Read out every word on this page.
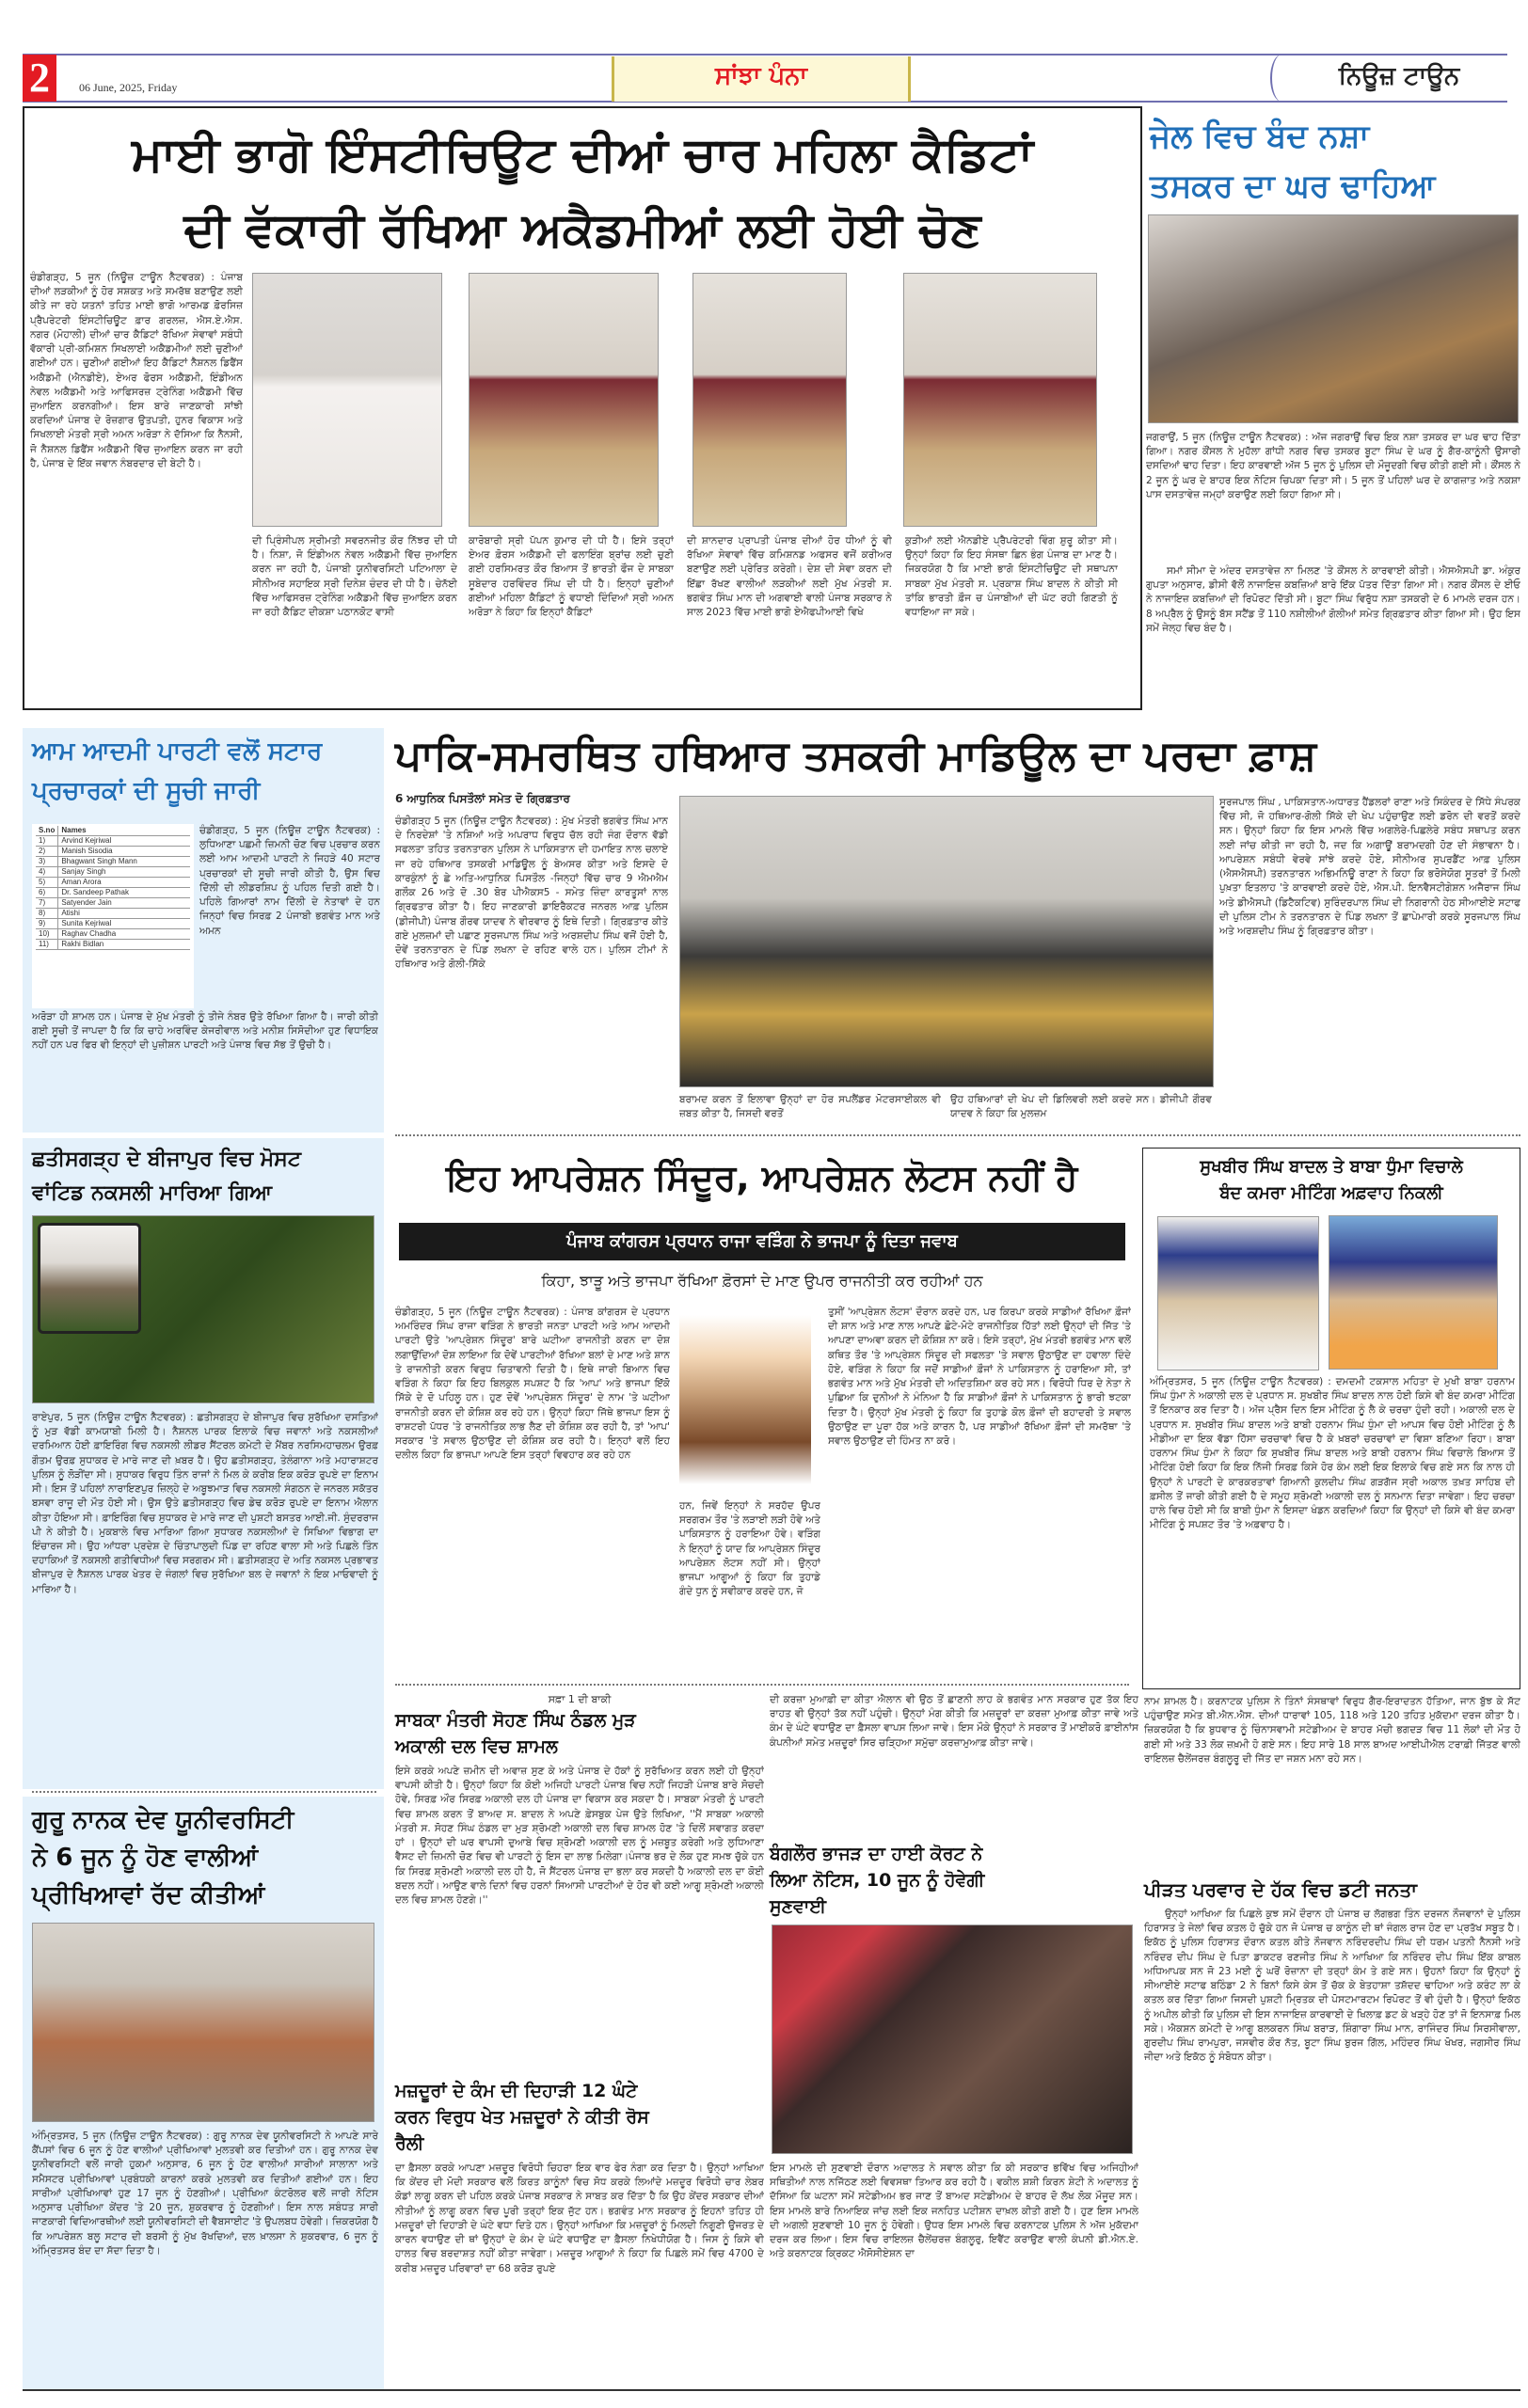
2	06 June, 2025, Friday	ਸਾਂਝਾ ਪੰਨਾ	ਨਿਊਜ਼ ਟਾਊਨ
ਮਾਈ ਭਾਗੋ ਇੰਸਟੀਚਿਊਟ ਦੀਆਂ ਚਾਰ ਮਹਿਲਾ ਕੈਡਿਟਾਂ
ਦੀ ਵੱਕਾਰੀ ਰੱਖਿਆ ਅਕੈਡਮੀਆਂ ਲਈ ਹੋਈ ਚੋਣ
ਚੰਡੀਗੜ੍ਹ, 5 ਜੂਨ (ਨਿਊਜ਼ ਟਾਊਨ ਨੈਟਵਰਕ) : ਪੰਜਾਬ ਦੀਆਂ ਲੜਕੀਆਂ ਨੂੰ ਹੋਰ ਸਸ਼ਕਤ ਅਤੇ ਸਮਰੱਥ ਬਣਾਉਣ ਲਈ ਕੀਤੇ ਜਾ ਰਹੇ ਯਤਨਾਂ ਤਹਿਤ ਮਾਈ ਭਾਗੋ ਆਰਮਡ ਫ਼ੋਰਸਿਜ਼ ਪ੍ਰੈਪਰੇਟਰੀ ਇੰਸਟੀਚਿਊਟ ਫ਼ਾਰ ਗਰਲਜ਼, ਐਸ.ਏ.ਐਸ. ਨਗਰ (ਮੋਹਾਲੀ) ਦੀਆਂ ਚਾਰ ਕੈਡਿਟਾਂ ਰੱਖਿਆ ਸੇਵਾਵਾਂ ਸਬੰਧੀ ਵੱਕਾਰੀ ਪ੍ਰੀ-ਕਮਿਸ਼ਨ ਸਿਖਲਾਈ ਅਕੈਡਮੀਆਂ ਲਈ ਚੁਣੀਆਂ ਗਈਆਂ ਹਨ। ਚੁਣੀਆਂ ਗਈਆਂ ਇਹ ਕੈਡਿਟਾਂ ਨੈਸ਼ਨਲ ਡਿਫੈਂਸ ਅਕੈਡਮੀ (ਐਨਡੀਏ), ਏਅਰ ਫੋਰਸ ਅਕੈਡਮੀ, ਇੰਡੀਅਨ ਨੇਵਲ ਅਕੈਡਮੀ ਅਤੇ ਆਫਿਸਰਜ਼ ਟ੍ਰੇਨਿੰਗ ਅਕੈਡਮੀ ਵਿੱਚ ਜੁਆਇਨ ਕਰਨਗੀਆਂ। ਇਸ ਬਾਰੇ ਜਾਣਕਾਰੀ ਸਾਂਝੀ ਕਰਦਿਆਂ ਪੰਜਾਬ ਦੇ ਰੋਜ਼ਗਾਰ ਉਤਪਤੀ, ਹੁਨਰ ਵਿਕਾਸ ਅਤੇ ਸਿਖਲਾਈ ਮੰਤਰੀ ਸ੍ਰੀ ਅਮਨ ਅਰੋੜਾ ਨੇ ਦੱਸਿਆ ਕਿ ਨੈਨਸੀ, ਜੋ ਨੈਸ਼ਨਲ ਡਿਫੈਂਸ ਅਕੈਡਮੀ ਵਿੱਚ ਜੁਆਇਨ ਕਰਨ ਜਾ ਰਹੀ ਹੈ, ਪੰਜਾਬ ਦੇ ਇੱਕ ਜਵਾਨ ਨੰਬਰਦਾਰ ਦੀ ਬੇਟੀ ਹੈ।
ਦੀ ਪ੍ਰਿੰਸੀਪਲ ਸ੍ਰੀਮਤੀ ਸਵਰਨਜੀਤ ਕੌਰ ਨਿੱਝਰ ਦੀ ਧੀ ਹੈ। ਨਿਸ਼ਾ, ਜੋ ਇੰਡੀਅਨ ਨੇਵਲ ਅਕੈਡਮੀ ਵਿੱਚ ਜੁਆਇਨ ਕਰਨ ਜਾ ਰਹੀ ਹੈ, ਪੰਜਾਬੀ ਯੂਨੀਵਰਸਿਟੀ ਪਟਿਆਲਾ ਦੇ ਸੀਨੀਅਰ ਸਹਾਇਕ ਸ੍ਰੀ ਦਿਨੇਸ਼ ਚੰਦਰ ਦੀ ਧੀ ਹੈ। ਚੇਨੱਈ ਵਿੱਚ ਆਫਿਸਰਜ਼ ਟ੍ਰੇਨਿੰਗ ਅਕੈਡਮੀ ਵਿੱਚ ਜੁਆਇਨ ਕਰਨ ਜਾ ਰਹੀ ਕੈਡਿਟ ਦੀਕਸ਼ਾ ਪਠਾਨਕੋਟ ਵਾਸੀ
ਕਾਰੋਬਾਰੀ ਸ੍ਰੀ ਪੱਪਨ ਕੁਮਾਰ ਦੀ ਧੀ ਹੈ। ਇਸੇ ਤਰ੍ਹਾਂ ਏਅਰ ਫ਼ੋਰਸ ਅਕੈਡਮੀ ਦੀ ਫਲਾਇੰਗ ਬ੍ਰਾਂਚ ਲਈ ਚੁਣੀ ਗਈ ਹਰਸਿਮਰਤ ਕੌਰ ਬਿਆਸ ਤੋਂ ਭਾਰਤੀ ਫੌਜ ਦੇ ਸਾਬਕਾ ਸੂਬੇਦਾਰ ਹਰਵਿੰਦਰ ਸਿੰਘ ਦੀ ਧੀ ਹੈ। ਇਨ੍ਹਾਂ ਚੁਣੀਆਂ ਗਈਆਂ ਮਹਿਲਾ ਕੈਡਿਟਾਂ ਨੂੰ ਵਧਾਈ ਦਿੰਦਿਆਂ ਸ੍ਰੀ ਅਮਨ ਅਰੋੜਾ ਨੇ ਕਿਹਾ ਕਿ ਇਨ੍ਹਾਂ ਕੈਡਿਟਾਂ
ਦੀ ਸ਼ਾਨਦਾਰ ਪ੍ਰਾਪਤੀ ਪੰਜਾਬ ਦੀਆਂ ਹੋਰ ਧੀਆਂ ਨੂੰ ਵੀ ਰੱਖਿਆ ਸੇਵਾਵਾਂ ਵਿੱਚ ਕਮਿਸ਼ਨਡ ਅਫਸਰ ਵਜੋਂ ਕਰੀਅਰ ਬਣਾਉਣ ਲਈ ਪ੍ਰੇਰਿਤ ਕਰੇਗੀ। ਦੇਸ਼ ਦੀ ਸੇਵਾ ਕਰਨ ਦੀ ਇੱਛਾ ਰੱਖਣ ਵਾਲੀਆਂ ਲੜਕੀਆਂ ਲਈ ਮੁੱਖ ਮੰਤਰੀ ਸ. ਭਗਵੰਤ ਸਿੰਘ ਮਾਨ ਦੀ ਅਗਵਾਈ ਵਾਲੀ ਪੰਜਾਬ ਸਰਕਾਰ ਨੇ ਸਾਲ 2023 ਵਿੱਚ ਮਾਈ ਭਾਗੋ ਏਐਫਪੀਆਈ ਵਿਖੇ
ਕੁੜੀਆਂ ਲਈ ਐਨਡੀਏ ਪ੍ਰੈਪਰੇਟਰੀ ਵਿੰਗ ਸ਼ੁਰੂ ਕੀਤਾ ਸੀ। ਉਨ੍ਹਾਂ ਕਿਹਾ ਕਿ ਇਹ ਸੰਸਥਾ ਛਿਨ ਭੰਗ ਪੰਜਾਬ ਦਾ ਮਾਣ ਹੈ। ਜਿਕਰਯੋਗ ਹੈ ਕਿ ਮਾਈ ਭਾਗੋ ਇੰਸਟੀਚਿਊਟ ਦੀ ਸਥਾਪਨਾ ਸਾਬਕਾ ਮੁੱਖ ਮੰਤਰੀ ਸ. ਪ੍ਰਕਾਸ਼ ਸਿੰਘ ਬਾਦਲ ਨੇ ਕੀਤੀ ਸੀ ਤਾਂਕਿ ਭਾਰਤੀ ਫ਼ੌਜ ਚ ਪੰਜਾਬੀਆਂ ਦੀ ਘੱਟ ਰਹੀ ਗਿਣਤੀ ਨੂੰ ਵਧਾਇਆ ਜਾ ਸਕੇ।
ਜੇਲ ਵਿਚ ਬੰਦ ਨਸ਼ਾ
ਤਸਕਰ ਦਾ ਘਰ ਢਾਹਿਆ
ਜਗਰਾਉਂ, 5 ਜੂਨ (ਨਿਊਜ਼ ਟਾਊਨ ਨੈਟਵਰਕ) : ਅੱਜ ਜਗਰਾਉਂ ਵਿਚ ਇਕ ਨਸ਼ਾ ਤਸਕਰ ਦਾ ਘਰ ਢਾਹ ਦਿੱਤਾ ਗਿਆ। ਨਗਰ ਕੌਂਸਲ ਨੇ ਮੁਹੱਲਾ ਗਾਂਧੀ ਨਗਰ ਵਿਚ ਤਸਕਰ ਬੂਟਾ ਸਿੰਘ ਦੇ ਘਰ ਨੂੰ ਗੈਰ-ਕਾਨੂੰਨੀ ਉਸਾਰੀ ਦਸਦਿਆਂ ਢਾਹ ਦਿਤਾ। ਇਹ ਕਾਰਵਾਈ ਅੱਜ 5 ਜੂਨ ਨੂੰ ਪੁਲਿਸ ਦੀ ਮੌਜੂਦਗੀ ਵਿਚ ਕੀਤੀ ਗਈ ਸੀ। ਕੌਂਸਲ ਨੇ 2 ਜੂਨ ਨੂੰ ਘਰ ਦੇ ਬਾਹਰ ਇਕ ਨੋਟਿਸ ਚਿਪਕਾ ਦਿਤਾ ਸੀ। 5 ਜੂਨ ਤੋਂ ਪਹਿਲਾਂ ਘਰ ਦੇ ਕਾਗਜ਼ਾਤ ਅਤੇ ਨਕਸ਼ਾ ਪਾਸ ਦਸਤਾਵੇਜ਼ ਜਮ੍ਹਾਂ ਕਰਾਉਣ ਲਈ ਕਿਹਾ ਗਿਆ ਸੀ।
ਸਮਾਂ ਸੀਮਾ ਦੇ ਅੰਦਰ ਦਸਤਾਵੇਜ਼ ਨਾ ਮਿਲਣ 'ਤੇ ਕੌਂਸਲ ਨੇ ਕਾਰਵਾਈ ਕੀਤੀ। ਐਸਐਸਪੀ ਡਾ. ਅੰਕੁਰ ਗੁਪਤਾ ਅਨੁਸਾਰ, ਡੀਸੀ ਵੱਲੋਂ ਨਾਜਾਇਜ਼ ਕਬਜ਼ਿਆਂ ਬਾਰੇ ਇੱਕ ਪੱਤਰ ਦਿੱਤਾ ਗਿਆ ਸੀ। ਨਗਰ ਕੌਂਸਲ ਦੇ ਈਓ ਨੇ ਨਾਜਾਇਜ਼ ਕਬਜ਼ਿਆਂ ਦੀ ਰਿਪੋਰਟ ਦਿੱਤੀ ਸੀ। ਬੂਟਾ ਸਿੰਘ ਵਿਰੁੱਧ ਨਸ਼ਾ ਤਸਕਰੀ ਦੇ 6 ਮਾਮਲੇ ਦਰਜ ਹਨ। 8 ਅਪ੍ਰੈਲ ਨੂੰ ਉਸਨੂੰ ਬੱਸ ਸਟੈਂਡ ਤੋਂ 110 ਨਸ਼ੀਲੀਆਂ ਗੋਲੀਆਂ ਸਮੇਤ ਗ੍ਰਿਫ਼ਤਾਰ ਕੀਤਾ ਗਿਆ ਸੀ। ਉਹ ਇਸ ਸਮੇਂ ਜੇਲ੍ਹ ਵਿਚ ਬੰਦ ਹੈ।
ਆਮ ਆਦਮੀ ਪਾਰਟੀ ਵਲੋਂ ਸਟਾਰ
ਪ੍ਰਚਾਰਕਾਂ ਦੀ ਸੂਚੀ ਜਾਰੀ
S.no	Names
1)	Arvind Kejriwal
2)	Manish Sisodia
3)	Bhagwant Singh Mann
4)	Sanjay Singh
5)	Aman Arora
6)	Dr. Sandeep Pathak
7)	Satyender Jain
8)	Atishi
9)	Sunita Kejriwal
10)	Raghav Chadha
11)	Rakhi Bidlan
ਚੰਡੀਗੜ੍ਹ, 5 ਜੂਨ (ਨਿਊਜ਼ ਟਾਊਨ ਨੈਟਵਰਕ) : ਲੁਧਿਆਣਾ ਪਛਮੀ ਜ਼ਿਮਨੀ ਚੋਣ ਵਿਚ ਪ੍ਰਚਾਰ ਕਰਨ ਲਈ ਆਮ ਆਦਮੀ ਪਾਰਟੀ ਨੇ ਜਿਹੜੇ 40 ਸਟਾਰ ਪ੍ਰਚਾਰਕਾਂ ਦੀ ਸੂਚੀ ਜਾਰੀ ਕੀਤੀ ਹੈ, ਉਸ ਵਿਚ ਦਿੱਲੀ ਦੀ ਲੀਡਰਸ਼ਿਪ ਨੂੰ ਪਹਿਲ ਦਿਤੀ ਗਈ ਹੈ। ਪਹਿਲੇ ਗਿਆਰਾਂ ਨਾਮ ਦਿੱਲੀ ਦੇ ਨੇਤਾਵਾਂ ਦੇ ਹਨ ਜਿਨ੍ਹਾਂ ਵਿਚ ਸਿਰਫ਼ 2 ਪੰਜਾਬੀ ਭਗਵੰਤ ਮਾਨ ਅਤੇ ਅਮਨ
ਅਰੋੜਾ ਹੀ ਸ਼ਾਮਲ ਹਨ। ਪੰਜਾਬ ਦੇ ਮੁੱਖ ਮੰਤਰੀ ਨੂੰ ਤੀਜੇ ਨੰਬਰ ਉਤੇ ਰੱਖਿਆ ਗਿਆ ਹੈ। ਜਾਰੀ ਕੀਤੀ ਗਈ ਸੂਚੀ ਤੋਂ ਜਾਪਦਾ ਹੈ ਕਿ ਕਿ ਚਾਹੇ ਅਰਵਿੰਦ ਕੇਜਰੀਵਾਲ ਅਤੇ ਮਨੀਸ਼ ਸਿਸੋਦੀਆ ਹੁਣ ਵਿਧਾਇਕ ਨਹੀਂ ਹਨ ਪਰ ਫਿਰ ਵੀ ਇਨ੍ਹਾਂ ਦੀ ਪੁਜ਼ੀਸ਼ਨ ਪਾਰਟੀ ਅਤੇ ਪੰਜਾਬ ਵਿਚ ਸੱਭ ਤੋਂ ਉਚੀ ਹੈ।
ਪਾਕਿ-ਸਮਰਥਿਤ ਹਥਿਆਰ ਤਸਕਰੀ ਮਾਡਿਊਲ ਦਾ ਪਰਦਾ ਫ਼ਾਸ਼
6 ਆਧੁਨਿਕ ਪਿਸਤੌਲਾਂ ਸਮੇਤ ਦੋ ਗ੍ਰਿਫ਼ਤਾਰ
ਚੰਡੀਗੜ੍ਹ 5 ਜੂਨ (ਨਿਊਜ਼ ਟਾਊਨ ਨੈਟਵਰਕ) : ਮੁੱਖ ਮੰਤਰੀ ਭਗਵੰਤ ਸਿੰਘ ਮਾਨ ਦੇ ਨਿਰਦੇਸ਼ਾਂ 'ਤੇ ਨਸ਼ਿਆਂ ਅਤੇ ਅਪਰਾਧ ਵਿਰੁਧ ਚੱਲ ਰਹੀ ਜੰਗ ਦੌਰਾਨ ਵੱਡੀ ਸਫਲਤਾ ਤਹਿਤ ਤਰਨਤਾਰਨ ਪੁਲਿਸ ਨੇ ਪਾਕਿਸਤਾਨ ਦੀ ਹਮਾਇਤ ਨਾਲ ਚਲਾਏ ਜਾ ਰਹੇ ਹਥਿਆਰ ਤਸਕਰੀ ਮਾਡਿਊਲ ਨੂੰ ਬੇਅਸਰ ਕੀਤਾ ਅਤੇ ਇਸਦੇ ਦੋ ਕਾਰਕੁੰਨਾਂ ਨੂੰ ਛੇ ਅਤਿ-ਆਧੁਨਿਕ ਪਿਸਤੌਲ -ਜਿਨ੍ਹਾਂ ਵਿੱਚ ਚਾਰ 9 ਐਮਐਮ ਗਲੌਕ 26 ਅਤੇ ਦੋ .30 ਬੋਰ ਪੀਐਕਸ5 - ਸਮੇਤ ਜ਼ਿੰਦਾ ਕਾਰਤੂਸਾਂ ਨਾਲ ਗ੍ਰਿਫਤਾਰ ਕੀਤਾ ਹੈ। ਇਹ ਜਾਣਕਾਰੀ ਡਾਇਰੈਕਟਰ ਜਨਰਲ ਆਫ਼ ਪੁਲਿਸ (ਡੀਜੀਪੀ) ਪੰਜਾਬ ਗੌਰਵ ਯਾਦਵ ਨੇ ਵੀਰਵਾਰ ਨੂੰ ਇਥੇ ਦਿਤੀ। ਗ੍ਰਿਫ਼ਤਾਰ ਕੀਤੇ ਗਏ ਮੁਲਜ਼ਮਾਂ ਦੀ ਪਛਾਣ ਸੂਰਜਪਾਲ ਸਿੰਘ ਅਤੇ ਅਰਸ਼ਦੀਪ ਸਿੰਘ ਵਜੋਂ ਹੋਈ ਹੈ, ਦੋਵੇਂ ਤਰਨਤਾਰਨ ਦੇ ਪਿੰਡ ਲਖਨਾ ਦੇ ਰਹਿਣ ਵਾਲੇ ਹਨ। ਪੁਲਿਸ ਟੀਮਾਂ ਨੇ ਹਥਿਆਰ ਅਤੇ ਗੋਲੀ-ਸਿੱਕੇ
ਬਰਾਮਦ ਕਰਨ ਤੋਂ ਇਲਾਵਾ ਉਨ੍ਹਾਂ ਦਾ ਹੋਰ ਸਪਲੈਂਡਰ ਮੋਟਰਸਾਈਕਲ ਵੀ ਜ਼ਬਤ ਕੀਤਾ ਹੈ, ਜਿਸਦੀ ਵਰਤੋਂ
ਉਹ ਹਥਿਆਰਾਂ ਦੀ ਖੇਪ ਦੀ ਡਿਲਿਵਰੀ ਲਈ ਕਰਦੇ ਸਨ। ਡੀਜੀਪੀ ਗੌਰਵ ਯਾਦਵ ਨੇ ਕਿਹਾ ਕਿ ਮੁਲਜ਼ਮ
ਸੂਰਜਪਾਲ ਸਿੰਘ , ਪਾਕਿਸਤਾਨ-ਅਧਾਰਤ ਹੈਂਡਲਰਾਂ ਰਾਣਾ ਅਤੇ ਸਿਕੰਦਰ ਦੇ ਸਿੱਧੇ ਸੰਪਰਕ ਵਿੱਚ ਸੀ, ਜੋ ਹਥਿਆਰ-ਗੋਲੀ ਸਿੱਕੇ ਦੀ ਖੇਪ ਪਹੁੰਚਾਉਣ ਲਈ ਡਰੋਨ ਦੀ ਵਰਤੋਂ ਕਰਦੇ ਸਨ। ਉਨ੍ਹਾਂ ਕਿਹਾ ਕਿ ਇਸ ਮਾਮਲੇ ਵਿੱਚ ਅਗਲੇਰੇ-ਪਿਛਲੇਰੇ ਸਬੰਧ ਸਥਾਪਤ ਕਰਨ ਲਈ ਜਾਂਚ ਕੀਤੀ ਜਾ ਰਹੀ ਹੈ, ਜਦ ਕਿ ਅਗਾਊਂ ਬਰਾਮਦਗੀ ਹੋਣ ਦੀ ਸੰਭਾਵਨਾ ਹੈ। ਆਪਰੇਸ਼ਨ ਸਬੰਧੀ ਵੇਰਵੇ ਸਾਂਝੇ ਕਰਦੇ ਹੋਏ, ਸੀਨੀਅਰ ਸੁਪਰਡੈਂਟ ਆਫ਼ ਪੁਲਿਸ (ਐਸਐਸਪੀ) ਤਰਨਤਾਰਨ ਅਭਿਮਨਿਊ ਰਾਣਾ ਨੇ ਕਿਹਾ ਕਿ ਭਰੋਸੇਯੋਗ ਸੂਤਰਾਂ ਤੋਂ ਮਿਲੀ ਪੁਖ਼ਤਾ ਇਤਲਾਹ 'ਤੇ ਕਾਰਵਾਈ ਕਰਦੇ ਹੋਏ, ਐਸ.ਪੀ. ਇਨਵੈਸਟੀਗੇਸ਼ਨ ਅਜੈਰਾਜ ਸਿੰਘ ਅਤੇ ਡੀਐਸਪੀ (ਡਿਟੈਕਟਿਵ) ਸੁਰਿੰਦਰਪਾਲ ਸਿੰਘ ਦੀ ਨਿਗਰਾਨੀ ਹੇਠ ਸੀਆਈਏ ਸਟਾਫ ਦੀ ਪੁਲਿਸ ਟੀਮ ਨੇ ਤਰਨਤਾਰਨ ਦੇ ਪਿੰਡ ਲਖਨਾ ਤੋਂ ਛਾਪੇਮਾਰੀ ਕਰਕੇ ਸੂਰਜਪਾਲ ਸਿੰਘ ਅਤੇ ਅਰਸ਼ਦੀਪ ਸਿੰਘ ਨੂੰ ਗ੍ਰਿਫ਼ਤਾਰ ਕੀਤਾ।
ਛਤੀਸਗੜ੍ਹ ਦੇ ਬੀਜਾਪੁਰ ਵਿਚ ਮੋਸਟ
ਵਾਂਟਿਡ ਨਕਸਲੀ ਮਾਰਿਆ ਗਿਆ
ਰਾਏਪੁਰ, 5 ਜੂਨ (ਨਿਊਜ਼ ਟਾਊਨ ਨੈਟਵਰਕ) : ਛਤੀਸਗੜ੍ਹ ਦੇ ਬੀਜਾਪੁਰ ਵਿਚ ਸੁਰੱਖਿਆ ਦਸਤਿਆਂ ਨੂੰ ਮੁੜ ਵੱਡੀ ਕਾਮਯਾਬੀ ਮਿਲੀ ਹੈ। ਨੈਸ਼ਨਲ ਪਾਰਕ ਇਲਾਕੇ ਵਿਚ ਜਵਾਨਾਂ ਅਤੇ ਨਕਸਲੀਆਂ ਦਰਮਿਆਨ ਹੋਈ ਫ਼ਾਇਰਿੰਗ ਵਿਚ ਨਕਸਲੀ ਲੀਡਰ ਸੈਂਟਰਲ ਕਮੇਟੀ ਦੇ ਮੈਂਬਰ ਨਰਸਿਮਹਾਚਲਮ ਉਰਫ਼ ਗੌਤਮ ਉਰਫ਼ ਸੁਧਾਕਰ ਦੇ ਮਾਰੇ ਜਾਣ ਦੀ ਖ਼ਬਰ ਹੈ। ਉਹ ਛਤੀਸਗੜ੍ਹ, ਤੇਲੰਗਾਨਾ ਅਤੇ ਮਹਾਰਾਸ਼ਟਰ ਪੁਲਿਸ ਨੂੰ ਲੋੜੀਂਦਾ ਸੀ। ਸੁਧਾਕਰ ਵਿਰੁਧ ਤਿੰਨ ਰਾਜਾਂ ਨੇ ਮਿਲ ਕੇ ਕਰੀਬ ਇਕ ਕਰੋੜ ਰੁਪਏ ਦਾ ਇਨਾਮ ਸੀ। ਇਸ ਤੋਂ ਪਹਿਲਾਂ ਨਾਰਾਇਣਪੁਰ ਜ਼ਿਲ੍ਹੇ ਦੇ ਅਬੂਝਮਾੜ ਵਿਚ ਨਕਸਲੀ ਸੰਗਠਨ ਦੇ ਜਨਰਲ ਸਕੱਤਰ ਬਸਵਾ ਰਾਜੂ ਦੀ ਮੌਤ ਹੋਈ ਸੀ। ਉਸ ਉਤੇ ਛਤੀਸਗੜ੍ਹ ਵਿਚ ਡੇਢ ਕਰੋੜ ਰੁਪਏ ਦਾ ਇਨਾਮ ਐਲਾਨ ਕੀਤਾ ਹੋਇਆ ਸੀ। ਫ਼ਾਇਰਿੰਗ ਵਿਚ ਸੁਧਾਕਰ ਦੇ ਮਾਰੇ ਜਾਣ ਦੀ ਪੁਸ਼ਟੀ ਬਸਤਰ ਆਈ.ਜੀ. ਸੁੰਦਰਰਾਜ ਪੀ ਨੇ ਕੀਤੀ ਹੈ। ਮੁਕਬਾਲੇ ਵਿਚ ਮਾਰਿਆ ਗਿਆ ਸੁਧਾਕਰ ਨਕਸਲੀਆਂ ਦੇ ਸਿਖਿਆ ਵਿਭਾਗ ਦਾ ਇੰਚਾਰਜ ਸੀ। ਉਹ ਆਂਧਰਾ ਪ੍ਰਦੇਸ਼ ਦੇ ਚਿੰਤਾਪਾਲੁਦੀ ਪਿੰਡ ਦਾ ਰਹਿਣ ਵਾਲਾ ਸੀ ਅਤੇ ਪਿਛਲੇ ਤਿੰਨ ਦਹਾਕਿਆਂ ਤੋਂ ਨਕਸਲੀ ਗਤੀਵਿਧੀਆਂ ਵਿਚ ਸਰਗਰਮ ਸੀ। ਛਤੀਸਗੜ੍ਹ ਦੇ ਅਤਿ ਨਕਸਲ ਪ੍ਰਭਾਵਤ ਬੀਜਾਪੁਰ ਦੇ ਨੈਸ਼ਨਲ ਪਾਰਕ ਖੇਤਰ ਦੇ ਜੰਗਲਾਂ ਵਿਚ ਸੁਰੱਖਿਆ ਬਲ ਦੇ ਜਵਾਨਾਂ ਨੇ ਇਕ ਮਾਓਵਾਦੀ ਨੂੰ ਮਾਰਿਆ ਹੈ।
ਗੁਰੂ ਨਾਨਕ ਦੇਵ ਯੂਨੀਵਰਸਿਟੀ
ਨੇ 6 ਜੂਨ ਨੂੰ ਹੋਣ ਵਾਲੀਆਂ
ਪ੍ਰੀਖਿਆਵਾਂ ਰੱਦ ਕੀਤੀਆਂ
ਅੰਮ੍ਰਿਤਸਰ, 5 ਜੂਨ (ਨਿਊਜ਼ ਟਾਊਨ ਨੈਟਵਰਕ) : ਗੁਰੂ ਨਾਨਕ ਦੇਵ ਯੂਨੀਵਰਸਿਟੀ ਨੇ ਆਪਣੇ ਸਾਰੇ ਕੈਂਪਸਾਂ ਵਿਚ 6 ਜੂਨ ਨੂੰ ਹੋਣ ਵਾਲੀਆਂ ਪ੍ਰੀਖਿਆਵਾਂ ਮੁਲਤਵੀ ਕਰ ਦਿਤੀਆਂ ਹਨ। ਗੁਰੂ ਨਾਨਕ ਦੇਵ ਯੂਨੀਵਰਸਿਟੀ ਵਲੋਂ ਜਾਰੀ ਹੁਕਮਾਂ ਅਨੁਸਾਰ, 6 ਜੂਨ ਨੂੰ ਹੋਣ ਵਾਲੀਆਂ ਸਾਰੀਆਂ ਸਾਲਾਨਾ ਅਤੇ ਸਮੈਸਟਰ ਪ੍ਰੀਖਿਆਵਾਂ ਪ੍ਰਬੰਧਕੀ ਕਾਰਨਾਂ ਕਰਕੇ ਮੁਲਤਵੀ ਕਰ ਦਿਤੀਆਂ ਗਈਆਂ ਹਨ। ਇਹ ਸਾਰੀਆਂ ਪ੍ਰੀਖਿਆਵਾਂ ਹੁਣ 17 ਜੂਨ ਨੂੰ ਹੋਣਗੀਆਂ। ਪ੍ਰੀਖਿਆ ਕੰਟਰੋਲਰ ਵਲੋਂ ਜਾਰੀ ਨੋਟਿਸ ਅਨੁਸਾਰ ਪ੍ਰੀਖਿਆ ਕੇਂਦਰ 'ਤੇ 20 ਜੂਨ, ਸ਼ੁਕਰਵਾਰ ਨੂੰ ਹੋਣਗੀਆਂ। ਇਸ ਨਾਲ ਸਬੰਧਤ ਸਾਰੀ ਜਾਣਕਾਰੀ ਵਿਦਿਆਰਥੀਆਂ ਲਈ ਯੂਨੀਵਰਸਿਟੀ ਦੀ ਵੈਬਸਾਈਟ 'ਤੇ ਉਪਲਬਧ ਹੋਵੇਗੀ। ਜ਼ਿਕਰਯੋਗ ਹੈ ਕਿ ਆਪਰੇਸ਼ਨ ਬਲੂ ਸਟਾਰ ਦੀ ਬਰਸੀ ਨੂੰ ਮੁੱਖ ਰੱਖਦਿਆਂ, ਦਲ ਖ਼ਾਲਸਾ ਨੇ ਸ਼ੁਕਰਵਾਰ, 6 ਜੂਨ ਨੂੰ ਅੰਮ੍ਰਿਤਸਰ ਬੰਦ ਦਾ ਸੱਦਾ ਦਿਤਾ ਹੈ।
ਇਹ ਆਪਰੇਸ਼ਨ ਸਿੰਦੂਰ, ਆਪਰੇਸ਼ਨ ਲੋਟਸ ਨਹੀਂ ਹੈ
ਪੰਜਾਬ ਕਾਂਗਰਸ ਪ੍ਰਧਾਨ ਰਾਜਾ ਵੜਿੰਗ ਨੇ ਭਾਜਪਾ ਨੂੰ ਦਿਤਾ ਜਵਾਬ
ਕਿਹਾ, ਝਾੜੂ ਅਤੇ ਭਾਜਪਾ ਰੱਖਿਆ ਫ਼ੋਰਸਾਂ ਦੇ ਮਾਣ ਉਪਰ ਰਾਜਨੀਤੀ ਕਰ ਰਹੀਆਂ ਹਨ
ਚੰਡੀਗੜ੍ਹ, 5 ਜੂਨ (ਨਿਊਜ਼ ਟਾਊਨ ਨੈਟਵਰਕ) : ਪੰਜਾਬ ਕਾਂਗਰਸ ਦੇ ਪ੍ਰਧਾਨ ਅਮਰਿੰਦਰ ਸਿੰਘ ਰਾਜਾ ਵੜਿੰਗ ਨੇ ਭਾਰਤੀ ਜਨਤਾ ਪਾਰਟੀ ਅਤੇ ਆਮ ਆਦਮੀ ਪਾਰਟੀ ਉਤੇ 'ਆਪ੍ਰੇਸ਼ਨ ਸਿੰਦੂਰ' ਬਾਰੇ ਘਟੀਆ ਰਾਜਨੀਤੀ ਕਰਨ ਦਾ ਦੋਸ਼ ਲਗਾਉਂਦਿਆਂ ਦੋਸ਼ ਲਾਇਆ ਕਿ ਦੋਵੇਂ ਪਾਰਟੀਆਂ ਰੱਖਿਆ ਬਲਾਂ ਦੇ ਮਾਣ ਅਤੇ ਸ਼ਾਨ ਤੇ ਰਾਜਨੀਤੀ ਕਰਨ ਵਿਰੁਧ ਚਿਤਾਵਨੀ ਦਿਤੀ ਹੈ। ਇਥੇ ਜਾਰੀ ਬਿਆਨ ਵਿਚ ਵੜਿੰਗ ਨੇ ਕਿਹਾ ਕਿ ਇਹ ਬਿਲਕੁਲ ਸਪਸ਼ਟ ਹੈ ਕਿ 'ਆਪ' ਅਤੇ ਭਾਜਪਾ ਇੱਕੋ ਸਿੱਕੇ ਦੇ ਦੋ ਪਹਿਲੂ ਹਨ। ਹੁਣ ਦੋਵੇਂ 'ਆਪ੍ਰੇਸ਼ਨ ਸਿੰਦੂਰ' ਦੇ ਨਾਮ 'ਤੇ ਘਟੀਆ ਰਾਜਨੀਤੀ ਕਰਨ ਦੀ ਕੋਸ਼ਿਸ਼ ਕਰ ਰਹੇ ਹਨ। ਉਨ੍ਹਾਂ ਕਿਹਾ ਜਿੱਥੇ ਭਾਜਪਾ ਇਸ ਨੂੰ ਰਾਸ਼ਟਰੀ ਪੱਧਰ 'ਤੇ ਰਾਜਨੀਤਿਕ ਲਾਭ ਲੈਣ ਦੀ ਕੋਸ਼ਿਸ਼ ਕਰ ਰਹੀ ਹੈ, ਤਾਂ 'ਆਪ' ਸਰਕਾਰ 'ਤੇ ਸਵਾਲ ਉਠਾਉਣ ਦੀ ਕੋਸ਼ਿਸ਼ ਕਰ ਰਹੀ ਹੈ। ਇਨ੍ਹਾਂ ਵਲੋਂ ਇਹ ਦਲੀਲ ਕਿਹਾ ਕਿ ਭਾਜਪਾ ਆਪਣੇ ਇਸ ਤਰ੍ਹਾਂ ਵਿਵਹਾਰ ਕਰ ਰਹੇ ਹਨ
ਹਨ, ਜਿਵੇਂ ਇਨ੍ਹਾਂ ਨੇ ਸਰਹੱਦ ਉਪਰ ਸਰਗਰਮ ਤੌਰ 'ਤੇ ਲੜਾਈ ਲੜੀ ਹੋਵੇ ਅਤੇ ਪਾਕਿਸਤਾਨ ਨੂੰ ਹਰਾਇਆ ਹੋਵੇ। ਵੜਿੰਗ ਨੇ ਇਨ੍ਹਾਂ ਨੂੰ ਯਾਦ ਕਿ ਆਪ੍ਰੇਸ਼ਨ ਸਿੰਦੂਰ ਆਪਰੇਸ਼ਨ ਲੋਟਸ ਨਹੀਂ ਸੀ। ਉਨ੍ਹਾਂ ਭਾਜਪਾ ਆਗੂਆਂ ਨੂੰ ਕਿਹਾ ਕਿ ਤੁਹਾਡੇ ਗੰਦੇ ਧੁਨ ਨੂੰ ਸਵੀਕਾਰ ਕਰਦੇ ਹਨ, ਜੋ
ਤੁਸੀਂ 'ਆਪ੍ਰੇਸ਼ਨ ਲੋਟਸ' ਦੌਰਾਨ ਕਰਦੇ ਹਨ, ਪਰ ਕਿਰਪਾ ਕਰਕੇ ਸਾਡੀਆਂ ਰੱਖਿਆ ਫ਼ੌਜਾਂ ਦੀ ਸ਼ਾਨ ਅਤੇ ਮਾਣ ਨਾਲ ਆਪਣੇ ਛੋਟੇ-ਮੋਟੇ ਰਾਜਨੀਤਿਕ ਹਿੱਤਾਂ ਲਈ ਉਨ੍ਹਾਂ ਦੀ ਜਿੱਤ 'ਤੇ ਆਪਣਾ ਦਾਅਵਾ ਕਰਨ ਦੀ ਕੋਸ਼ਿਸ਼ ਨਾ ਕਰੋ। ਇਸੇ ਤਰ੍ਹਾਂ, ਮੁੱਖ ਮੰਤਰੀ ਭਗਵੰਤ ਮਾਨ ਵਲੋਂ ਕਥਿਤ ਤੌਰ 'ਤੇ ਆਪ੍ਰੇਸ਼ਨ ਸਿੰਦੂਰ ਦੀ ਸਫਲਤਾ 'ਤੇ ਸਵਾਲ ਉਠਾਉਣ ਦਾ ਹਵਾਲਾ ਦਿੰਦੇ ਹੋਏ, ਵੜਿੰਗ ਨੇ ਕਿਹਾ ਕਿ ਜਦੋਂ ਸਾਡੀਆਂ ਫ਼ੌਜਾਂ ਨੇ ਪਾਕਿਸਤਾਨ ਨੂੰ ਹਰਾਇਆ ਸੀ, ਤਾਂ ਭਗਵੰਤ ਮਾਨ ਅਤੇ ਮੁੱਖ ਮੰਤਰੀ ਦੀ ਅਦਿਤਸ਼ਿਮਾ ਕਰ ਰਹੇ ਸਨ। ਵਿਰੋਧੀ ਧਿਰ ਦੇ ਨੇਤਾ ਨੇ ਪੁਛਿਆ ਕਿ ਦੁਨੀਆਂ ਨੇ ਮੰਨਿਆ ਹੈ ਕਿ ਸਾਡੀਆਂ ਫ਼ੌਜਾਂ ਨੇ ਪਾਕਿਸਤਾਨ ਨੂੰ ਭਾਰੀ ਝਟਕਾ ਦਿਤਾ ਹੈ। ਉਨ੍ਹਾਂ ਮੁੱਖ ਮੰਤਰੀ ਨੂੰ ਕਿਹਾ ਕਿ ਤੁਹਾਡੇ ਕੋਲ ਫ਼ੌਜਾਂ ਦੀ ਬਹਾਦਰੀ ਤੇ ਸਵਾਲ ਉਠਾਉਣ ਦਾ ਪੂਰਾ ਹੱਕ ਅਤੇ ਕਾਰਨ ਹੈ, ਪਰ ਸਾਡੀਆਂ ਰੱਖਿਆ ਫ਼ੌਜਾਂ ਦੀ ਸਮਰੱਥਾ 'ਤੇ ਸਵਾਲ ਉਠਾਉਣ ਦੀ ਹਿੰਮਤ ਨਾ ਕਰੋ।
ਸੁਖਬੀਰ ਸਿੰਘ ਬਾਦਲ ਤੇ ਬਾਬਾ ਧੁੰਮਾ ਵਿਚਾਲੇ
ਬੰਦ ਕਮਰਾ ਮੀਟਿੰਗ ਅਫ਼ਵਾਹ ਨਿਕਲੀ
ਅੰਮ੍ਰਿਤਸਰ, 5 ਜੂਨ (ਨਿਊਜ਼ ਟਾਊਨ ਨੈਟਵਰਕ) : ਦਮਦਮੀ ਟਕਸਾਲ ਮਹਿਤਾ ਦੇ ਮੁਖੀ ਬਾਬਾ ਹਰਨਾਮ ਸਿੰਘ ਧੁੰਮਾ ਨੇ ਅਕਾਲੀ ਦਲ ਦੇ ਪ੍ਰਧਾਨ ਸ. ਸੁਖਬੀਰ ਸਿੰਘ ਬਾਦਲ ਨਾਲ ਹੋਈ ਕਿਸੇ ਵੀ ਬੰਦ ਕਮਰਾ ਮੀਟਿੰਗ ਤੋਂ ਇਨਕਾਰ ਕਰ ਦਿਤਾ ਹੈ। ਅੱਜ ਪ੍ਰੈਸ ਦਿਨ ਇਸ ਮੀਟਿੰਗ ਨੂੰ ਲੈ ਕੇ ਚਰਚਾ ਹੁੰਦੀ ਰਹੀ। ਅਕਾਲੀ ਦਲ ਦੇ ਪ੍ਰਧਾਨ ਸ. ਸੁਖਬੀਰ ਸਿੰਘ ਬਾਦਲ ਅਤੇ ਬਾਬੀ ਹਰਨਾਮ ਸਿੰਘ ਧੁੰਮਾ ਦੀ ਆਪਸ ਵਿਚ ਹੋਈ ਮੀਟਿੰਗ ਨੂੰ ਲੈ ਮੀਡੀਆ ਦਾ ਇਕ ਵੱਡਾ ਹਿੱਸਾ ਚਰਚਾਵਾਂ ਵਿਚ ਹੈ ਕੇ ਖ਼ਬਰਾਂ ਚਰਚਾਵਾਂ ਦਾ ਵਿਸ਼ਾ ਬਣਿਆ ਰਿਹਾ। ਬਾਬਾ ਹਰਨਾਮ ਸਿੰਘ ਧੁੰਮਾ ਨੇ ਕਿਹਾ ਕਿ ਸੁਖਬੀਰ ਸਿੰਘ ਬਾਦਲ ਅਤੇ ਬਾਬੀ ਹਰਨਾਮ ਸਿੰਘ ਵਿਚਾਲੇ ਬਿਆਸ ਤੋਂ ਮੀਟਿੰਗ ਹੋਈ ਕਿਹਾ ਕਿ ਇਕ ਨਿੱਜੀ ਸਿਰਫ਼ ਕਿਸੇ ਹੋਰ ਕੰਮ ਲਈ ਇਕ ਇਲਾਕੇ ਵਿਚ ਗਏ ਸਨ ਕਿ ਨਾਲ ਹੀ ਉਨ੍ਹਾਂ ਨੇ ਪਾਰਟੀ ਦੇ ਕਾਰਕਰਤਾਵਾਂ ਗਿਆਨੀ ਕੁਲਦੀਪ ਸਿੰਘ ਗੜਗੱਜ ਸ੍ਰੀ ਅਕਾਲ ਤਖ਼ਤ ਸਾਹਿਬ ਦੀ ਫ਼ਸੀਲ ਤੋਂ ਜਾਰੀ ਕੀਤੀ ਗਈ ਹੈ ਦੇ ਸਮੂਹ ਸ਼੍ਰੋਮਣੀ ਅਕਾਲੀ ਦਲ ਨੂੰ ਸਨਮਾਨ ਦਿਤਾ ਜਾਵੇਗਾ। ਇਹ ਚਰਚਾ ਹਾਲੇ ਵਿਚ ਹੋਈ ਸੀ ਕਿ ਬਾਬੀ ਧੁੰਮਾ ਨੇ ਇਸਦਾ ਖੰਡਨ ਕਰਦਿਆਂ ਕਿਹਾ ਕਿ ਉਨ੍ਹਾਂ ਦੀ ਕਿਸੇ ਵੀ ਬੰਦ ਕਮਰਾ ਮੀਟਿੰਗ ਨੂੰ ਸਪਸ਼ਟ ਤੌਰ 'ਤੇ ਅਫ਼ਵਾਹ ਹੈ।
ਨਾਮ ਸ਼ਾਮਲ ਹੈ। ਕਰਨਾਟਕ ਪੁਲਿਸ ਨੇ ਤਿੰਨਾਂ ਸੰਸਥਾਵਾਂ ਵਿਰੁਧ ਗੈਰ-ਇਰਾਦਤਨ ਹੱਤਿਆ, ਜਾਨ ਬੁੱਝ ਕੇ ਸੱਟ ਪਹੁੰਚਾਉਣ ਸਮੇਤ ਬੀ.ਐਨ.ਐਸ. ਦੀਆਂ ਧਾਰਾਵਾਂ 105, 118 ਅਤੇ 120 ਤਹਿਤ ਮੁਕੱਦਮਾ ਦਰਜ ਕੀਤਾ ਹੈ। ਜ਼ਿਕਰਯੋਗ ਹੈ ਕਿ ਬੁਧਵਾਰ ਨੂੰ ਚਿੰਨਾਸਵਾਮੀ ਸਟੇਡੀਅਮ ਦੇ ਬਾਹਰ ਮੱਚੀ ਭਗਦੜ ਵਿਚ 11 ਲੋਕਾਂ ਦੀ ਮੌਤ ਹੋ ਗਈ ਸੀ ਅਤੇ 33 ਲੋਕ ਜ਼ਖ਼ਮੀ ਹੋ ਗਏ ਸਨ। ਇਹ ਸਾਰੇ 18 ਸਾਲ ਬਾਅਦ ਆਈਪੀਐਲ ਟਰਾਫ਼ੀ ਜਿੱਤਣ ਵਾਲੀ ਰਾਇਲਜ਼ ਚੈਲੇਂਜਰਜ਼ ਬੰਗਲੂਰੂ ਦੀ ਜਿੱਤ ਦਾ ਜਸ਼ਨ ਮਨਾ ਰਹੇ ਸਨ।
ਸਫ਼ਾ 1 ਦੀ ਬਾਕੀ
ਸਾਬਕਾ ਮੰਤਰੀ ਸੋਹਣ ਸਿੰਘ ਠੰਡਲ ਮੁੜ
ਅਕਾਲੀ ਦਲ ਵਿਚ ਸ਼ਾਮਲ
ਇਸੇ ਕਰਕੇ ਅਪਣੇ ਜ਼ਮੀਨ ਦੀ ਅਵਾਜ਼ ਸੁਣ ਕੇ ਅਤੇ ਪੰਜਾਬ ਦੇ ਹੱਕਾਂ ਨੂੰ ਸੁਰੱਖਿਅਤ ਕਰਨ ਲਈ ਹੀ ਉਨ੍ਹਾਂ ਵਾਪਸੀ ਕੀਤੀ ਹੈ। ਉਨ੍ਹਾਂ ਕਿਹਾ ਕਿ ਕੋਈ ਅਜਿਹੀ ਪਾਰਟੀ ਪੰਜਾਬ ਵਿਚ ਨਹੀਂ ਜਿਹੜੀ ਪੰਜਾਬ ਬਾਰੇ ਸੋਚਦੀ ਹੋਵੇ, ਸਿਰਫ਼ ਔਰ ਸਿਰਫ਼ ਅਕਾਲੀ ਦਲ ਹੀ ਪੰਜਾਬ ਦਾ ਵਿਕਾਸ ਕਰ ਸਕਦਾ ਹੈ। ਸਾਬਕਾ ਮੰਤਰੀ ਨੂੰ ਪਾਰਟੀ ਵਿਚ ਸ਼ਾਮਲ ਕਰਨ ਤੋਂ ਬਾਅਦ ਸ. ਬਾਦਲ ਨੇ ਅਪਣੇ ਫ਼ੇਸਬੁਕ ਪੇਜ ਉਤੇ ਲਿਖਿਆ, ''ਮੈਂ ਸਾਬਕਾ ਅਕਾਲੀ ਮੰਤਰੀ ਸ. ਸੋਹਣ ਸਿੰਘ ਠੰਡਲ ਦਾ ਮੁੜ ਸ਼੍ਰੋਮਣੀ ਅਕਾਲੀ ਦਲ ਵਿਚ ਸ਼ਾਮਲ ਹੋਣ 'ਤੇ ਦਿਲੋਂ ਸਵਾਗਤ ਕਰਦਾ ਹਾਂ । ਉਨ੍ਹਾਂ ਦੀ ਘਰ ਵਾਪਸੀ ਦੁਆਬੇ ਵਿਚ ਸ਼੍ਰੋਮਣੀ ਅਕਾਲੀ ਦਲ ਨੂੰ ਮਜ਼ਬੂਤ ਕਰੇਗੀ ਅਤੇ ਲੁਧਿਆਣਾ ਵੈਸਟ ਦੀ ਜ਼ਿਮਨੀ ਚੋਣ ਵਿਚ ਵੀ ਪਾਰਟੀ ਨੂੰ ਇਸ ਦਾ ਲਾਭ ਮਿਲੇਗਾ।ਪੰਜਾਬ ਭਰ ਦੇ ਲੋਕ ਹੁਣ ਸਮਝ ਚੁੱਕੇ ਹਨ ਕਿ ਸਿਰਫ਼ ਸ਼੍ਰੋਮਣੀ ਅਕਾਲੀ ਦਲ ਹੀ ਹੈ, ਜੋ ਸੈਂਟਰਲ ਪੰਜਾਬ ਦਾ ਭਲਾ ਕਰ ਸਕਦੀ ਹੈ ਅਕਾਲੀ ਦਲ ਦਾ ਕੋਈ ਬਦਲ ਨਹੀਂ। ਆਉਣ ਵਾਲੇ ਦਿਨਾਂ ਵਿਚ ਹਰਨਾਂ ਸਿਆਸੀ ਪਾਰਟੀਆਂ ਦੇ ਹੋਰ ਵੀ ਕਈ ਆਗੂ ਸ਼੍ਰੋਮਣੀ ਅਕਾਲੀ ਦਲ ਵਿਚ ਸ਼ਾਮਲ ਹੋਣਗੇ।''
ਮਜ਼ਦੂਰਾਂ ਦੇ ਕੰਮ ਦੀ ਦਿਹਾੜੀ 12 ਘੰਟੇ
ਕਰਨ ਵਿਰੁਧ ਖੇਤ ਮਜ਼ਦੂਰਾਂ ਨੇ ਕੀਤੀ ਰੋਸ
ਰੈਲੀ
ਦਾ ਫ਼ੈਸਲਾ ਕਰਕੇ ਆਪਣਾ ਮਜ਼ਦੂਰ ਵਿਰੋਧੀ ਚਿਹਰਾ ਇਕ ਵਾਰ ਫੇਰ ਨੰਗਾ ਕਰ ਦਿਤਾ ਹੈ। ਉਨ੍ਹਾਂ ਆਖਿਆ ਕਿ ਕੇਂਦਰ ਦੀ ਮੋਦੀ ਸਰਕਾਰ ਵਲੋਂ ਕਿਰਤ ਕਾਨੂੰਨਾਂ ਵਿਚ ਸੋਧ ਕਰਕੇ ਲਿਆਂਦੇ ਮਜ਼ਦੂਰ ਵਿਰੋਧੀ ਚਾਰ ਲੇਬਰ ਕੋਡਾਂ ਲਾਗੂ ਕਰਨ ਦੀ ਪਹਿਲ ਕਰਕੇ ਪੰਜਾਬ ਸਰਕਾਰ ਨੇ ਸਾਬਤ ਕਰ ਦਿੱਤਾ ਹੈ ਕਿ ਉਹ ਕੇਂਦਰ ਸਰਕਾਰ ਦੀਆਂ ਨੀਤੀਆਂ ਨੂੰ ਲਾਗੂ ਕਰਨ ਵਿਚ ਪੂਰੀ ਤਰ੍ਹਾਂ ਇਕ ਜੁੱਟ ਹਨ। ਭਗਵੰਤ ਮਾਨ ਸਰਕਾਰ ਨੂੰ ਇਹਨਾਂ ਤਹਿਤ ਹੀ ਮਜ਼ਦੂਰਾਂ ਦੀ ਦਿਹਾੜੀ ਦੇ ਘੰਟੇ ਵਧਾ ਦਿਤੇ ਹਨ। ਉਨ੍ਹਾਂ ਆਖਿਆ ਕਿ ਮਜ਼ਦੂਰਾਂ ਨੂੰ ਮਿਲਦੀ ਨਿਗੂਣੀ ਉਜਰਤ ਦੇ ਕਾਰਨ ਵਧਾਉਣ ਦੀ ਥਾਂ ਉਨ੍ਹਾਂ ਦੇ ਕੰਮ ਦੇ ਘੰਟੇ ਵਧਾਉਣ ਦਾ ਫ਼ੈਸਲਾ ਨਿਖੇਧੀਯੋਗ ਹੈ। ਜਿਸ ਨੂੰ ਕਿਸੇ ਵੀ ਹਾਲਤ ਵਿਚ ਬਰਦਾਸ਼ਤ ਨਹੀਂ ਕੀਤਾ ਜਾਵੇਗਾ। ਮਜ਼ਦੂਰ ਆਗੂਆਂ ਨੇ ਕਿਹਾ ਕਿ ਪਿਛਲੇ ਸਮੇਂ ਵਿਚ 4700 ਦੇ ਕਰੀਬ ਮਜ਼ਦੂਰ ਪਰਿਵਾਰਾਂ ਦਾ 68 ਕਰੋੜ ਰੁਪਏ
ਦੀ ਕਰਜ਼ਾ ਮੁਆਫ਼ੀ ਦਾ ਕੀਤਾ ਐਲਾਨ ਵੀ ਉਠ ਤੋਂ ਛਾਣਨੀ ਲਾਹ ਕੇ ਭਗਵੰਤ ਮਾਨ ਸਰਕਾਰ ਹੁਣ ਤੱਕ ਇਹ ਰਾਹਤ ਵੀ ਉਨ੍ਹਾਂ ਤੱਕ ਨਹੀਂ ਪਹੁੰਚੀ। ਉਨ੍ਹਾਂ ਮੰਗ ਕੀਤੀ ਕਿ ਮਜ਼ਦੂਰਾਂ ਦਾ ਕਰਜ਼ਾ ਮੁਆਫ਼ ਕੀਤਾ ਜਾਵੇ ਅਤੇ ਕੰਮ ਦੇ ਘੰਟੇ ਵਧਾਉਣ ਦਾ ਫ਼ੈਸਲਾ ਵਾਪਸ ਲਿਆ ਜਾਵੇ। ਇਸ ਮੌਕੇ ਉਨ੍ਹਾਂ ਨੇ ਸਰਕਾਰ ਤੋਂ ਮਾਈਕਰੋ ਫ਼ਾਈਨਾਂਸ ਕੰਪਨੀਆਂ ਸਮੇਤ ਮਜ਼ਦੂਰਾਂ ਸਿਰ ਚੜ੍ਹਿਆ ਸਮੁੱਚਾ ਕਰਜ਼ਾਮੁਆਫ਼ ਕੀਤਾ ਜਾਵੇ।
ਬੰਗਲੌਰ ਭਾਜੜ ਦਾ ਹਾਈ ਕੋਰਟ ਨੇ
ਲਿਆ ਨੋਟਿਸ, 10 ਜੂਨ ਨੂੰ ਹੋਵੇਗੀ
ਸੁਣਵਾਈ
ਇਸ ਮਾਮਲੇ ਦੀ ਸੁਣਵਾਈ ਦੌਰਾਨ ਅਦਾਲਤ ਨੇ ਸਵਾਲ ਕੀਤਾ ਕਿ ਕੀ ਸਰਕਾਰ ਭਵਿੱਖ ਵਿਚ ਅਜਿਹੀਆਂ ਸਥਿਤੀਆਂ ਨਾਲ ਨਜਿੱਠਣ ਲਈ ਵਿਵਸਥਾ ਤਿਆਰ ਕਰ ਰਹੀ ਹੈ। ਵਕੀਲ ਸ਼ਸ਼ੀ ਕਿਰਨ ਸ਼ੇਟੀ ਨੇ ਅਦਾਲਤ ਨੂੰ ਦੱਸਿਆ ਕਿ ਘਟਨਾ ਸਮੇਂ ਸਟੇਡੀਅਮ ਭਰ ਜਾਣ ਤੋਂ ਬਾਅਦ ਸਟੇਡੀਅਮ ਦੇ ਬਾਹਰ ਦੋ ਲੱਖ ਲੋਕ ਮੌਜੂਦ ਸਨ। ਇਸ ਮਾਮਲੇ ਬਾਰੇ ਨਿਆਇਕ ਜਾਂਚ ਲਈ ਇਕ ਜਨਹਿਤ ਪਟੀਸ਼ਨ ਦਾਖ਼ਲ ਕੀਤੀ ਗਈ ਹੈ। ਹੁਣ ਇਸ ਮਾਮਲੇ ਦੀ ਅਗਲੀ ਸੁਣਵਾਈ 10 ਜੂਨ ਨੂੰ ਹੋਵੇਗੀ। ਉਧਰ ਇਸ ਮਾਮਲੇ ਵਿਚ ਕਰਨਾਟਕ ਪੁਲਿਸ ਨੇ ਅੱਜ ਮੁਕੱਦਮਾ ਦਰਜ ਕਰ ਲਿਆ। ਇਸ ਵਿਚ ਰਾਇਲਜ਼ ਚੈਲੇਂਚਰਜ਼ ਬੰਗਲੂਰੁ, ਇਵੈਂਟ ਕਰਾਉਣ ਵਾਲੀ ਕੰਪਨੀ ਡੀ.ਐਨ.ਏ. ਅਤੇ ਕਰਨਾਟਕ ਕ੍ਰਿਕਟ ਐਸੋਸੀਏਸ਼ਨ ਦਾ
ਪੀੜਤ ਪਰਵਾਰ ਦੇ ਹੱਕ ਵਿਚ ਡਟੀ ਜਨਤਾ
ਉਨ੍ਹਾਂ ਆਖਿਆ ਕਿ ਪਿਛਲੇ ਕੁਝ ਸਮੇਂ ਦੌਰਾਨ ਹੀ ਪੰਜਾਬ ਚ ਲੱਗਭਗ ਤਿੰਨ ਦਰਜਨ ਨੌਜਵਾਨਾਂ ਦੇ ਪੁਲਿਸ ਹਿਰਾਸਤ ਤੇ ਜੇਲਾਂ ਵਿਚ ਕਤਲ ਹੋ ਚੁੱਕੇ ਹਨ ਜੋ ਪੰਜਾਬ ਚ ਕਾਨੂੰਨ ਦੀ ਥਾਂ ਜੰਗਲ ਰਾਜ ਹੋਣ ਦਾ ਪ੍ਰਤੱਖ ਸਬੂਤ ਹੈ। ਇਕੱਠ ਨੂੰ ਪੁਲਿਸ ਹਿਰਾਸਤ ਦੌਰਾਨ ਕਤਲ ਕੀਤੇ ਨੌਜਵਾਨ ਨਰਿੰਦਰਦੀਪ ਸਿੰਘ ਦੀ ਧਰਮ ਪਤਨੀ ਨੈਨਸੀ ਅਤੇ ਨਰਿੰਦਰ ਦੀਪ ਸਿੰਘ ਦੇ ਪਿਤਾ ਡਾਕਟਰ ਰਣਜੀਤ ਸਿੰਘ ਨੇ ਆਖਿਆ ਕਿ ਨਰਿੰਦਰ ਦੀਪ ਸਿੰਘ ਇੱਕ ਕਾਬਲ ਅਧਿਆਪਕ ਸਨ ਜੋ 23 ਮਈ ਨੂੰ ਘਰੋਂ ਰੋਜ਼ਾਨਾ ਦੀ ਤਰ੍ਹਾਂ ਕੰਮ ਤੇ ਗਏ ਸਨ। ਉਹਨਾਂ ਕਿਹਾ ਕਿ ਉਨ੍ਹਾਂ ਨੂੰ ਸੀਆਈਏ ਸਟਾਫ ਬਠਿੰਡਾ 2 ਨੇ ਬਿਨਾਂ ਕਿਸੇ ਕੇਸ ਤੋਂ ਚੱਕ ਕੇ ਬੇਤਹਾਸ਼ਾ ਤਸ਼ੱਦਦ ਢਾਹਿਆ ਅਤੇ ਕਰੰਟ ਲਾ ਕੇ ਕਤਲ ਕਰ ਦਿੱਤਾ ਗਿਆ ਜਿਸਦੀ ਪੁਸ਼ਟੀ ਮ੍ਰਿਤਕ ਦੀ ਪੋਸਟਮਾਰਟਮ ਰਿਪੋਰਟ ਤੋਂ ਵੀ ਹੁੰਦੀ ਹੈ। ਉਨ੍ਹਾਂ ਇਕੱਠ ਨੂੰ ਅਪੀਲ ਕੀਤੀ ਕਿ ਪੁਲਿਸ ਦੀ ਇਸ ਨਾਜਾਇਜ਼ ਕਾਰਵਾਈ ਦੇ ਖਿਲਾਫ਼ ਡਟ ਕੇ ਖੜ੍ਹੇ ਹੋਣ ਤਾਂ ਜੋ ਇਨਸਾਫ਼ ਮਿਲ ਸਕੇ। ਐਕਸ਼ਨ ਕਮੇਟੀ ਦੇ ਆਗੂ ਬਲਕਰਨ ਸਿੰਘ ਬਰਾੜ, ਸ਼ਿੰਗਾਰਾ ਸਿੰਘ ਮਾਨ, ਰਾਜਿੰਦਰ ਸਿੰਘ ਸਿਰਸੀਵਾਲਾ, ਗੁਰਦੀਪ ਸਿੰਘ ਰਾਮਪੁਰਾ, ਜਸਵੀਰ ਕੌਰ ਨੱਤ, ਬੂਟਾ ਸਿੰਘ ਬੁਰਜ ਗਿੱਲ, ਮਹਿੰਦਰ ਸਿੰਘ ਖੋਖਰ, ਜਗਸੀਰ ਸਿੰਘ ਜੀਦਾ ਅਤੇ ਇਕੱਠ ਨੂੰ ਸੰਬੋਧਨ ਕੀਤਾ।
